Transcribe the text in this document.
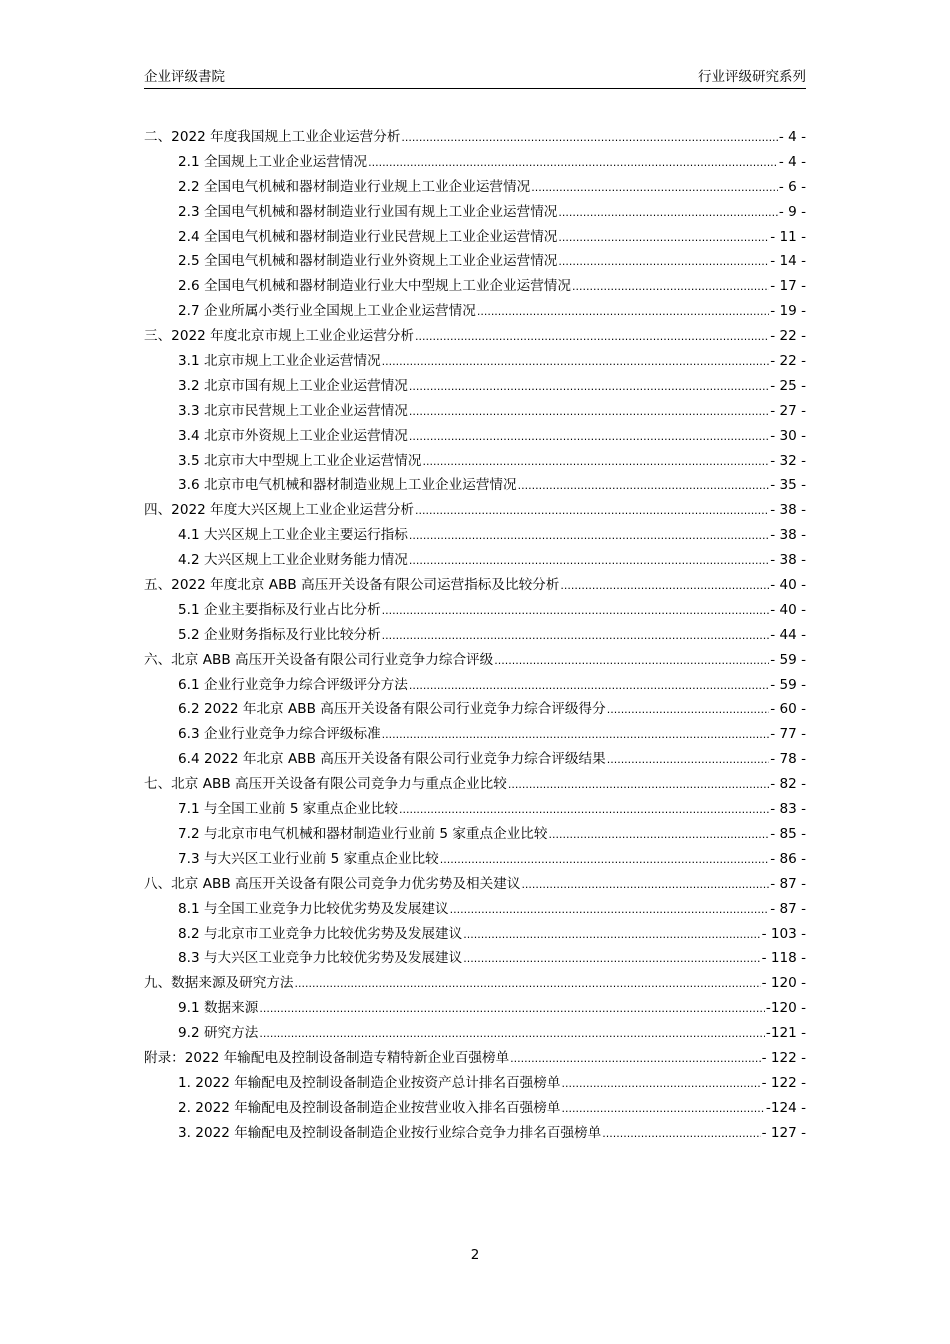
企业评级書院	行业评级研究系列
二、2022 年度我国规上工业企业运营分析 .....	- 4 -
2.1 全国规上工业企业运营情况 .....	- 4 -
2.2 全国电气机械和器材制造业行业规上工业企业运营情况 .....	- 6 -
2.3 全国电气机械和器材制造业行业国有规上工业企业运营情况 .....	- 9 -
2.4 全国电气机械和器材制造业行业民营规上工业企业运营情况 .....	- 11 -
2.5 全国电气机械和器材制造业行业外资规上工业企业运营情况 .....	- 14 -
2.6 全国电气机械和器材制造业行业大中型规上工业企业运营情况 .....	- 17 -
2.7 企业所属小类行业全国规上工业企业运营情况 .....	- 19 -
三、2022 年度北京市规上工业企业运营分析 .....	- 22 -
3.1 北京市规上工业企业运营情况 .....	- 22 -
3.2 北京市国有规上工业企业运营情况 .....	- 25 -
3.3 北京市民营规上工业企业运营情况 .....	- 27 -
3.4 北京市外资规上工业企业运营情况 .....	- 30 -
3.5 北京市大中型规上工业企业运营情况 .....	- 32 -
3.6 北京市电气机械和器材制造业规上工业企业运营情况 .....	- 35 -
四、2022 年度大兴区规上工业企业运营分析 .....	- 38 -
4.1 大兴区规上工业企业主要运行指标 .....	- 38 -
4.2 大兴区规上工业企业财务能力情况 .....	- 38 -
五、2022 年度北京 ABB 高压开关设备有限公司运营指标及比较分析 .....	- 40 -
5.1 企业主要指标及行业占比分析 .....	- 40 -
5.2 企业财务指标及行业比较分析 .....	- 44 -
六、北京 ABB 高压开关设备有限公司行业竞争力综合评级 .....	- 59 -
6.1 企业行业竞争力综合评级评分方法 .....	- 59 -
6.2 2022 年北京 ABB 高压开关设备有限公司行业竞争力综合评级得分 .....	- 60 -
6.3 企业行业竞争力综合评级标准 .....	- 77 -
6.4 2022 年北京 ABB 高压开关设备有限公司行业竞争力综合评级结果 .....	- 78 -
七、北京 ABB 高压开关设备有限公司竞争力与重点企业比较 .....	- 82 -
7.1 与全国工业前 5 家重点企业比较 .....	- 83 -
7.2 与北京市电气机械和器材制造业行业前 5 家重点企业比较 .....	- 85 -
7.3 与大兴区工业行业前 5 家重点企业比较 .....	- 86 -
八、北京 ABB 高压开关设备有限公司竞争力优劣势及相关建议 .....	- 87 -
8.1 与全国工业竞争力比较优劣势及发展建议 .....	- 87 -
8.2 与北京市工业竞争力比较优劣势及发展建议 .....	- 103 -
8.3 与大兴区工业竞争力比较优劣势及发展建议 .....	- 118 -
九、数据来源及研究方法 .....	- 120 -
9.1 数据来源 .....	-120 -
9.2 研究方法 .....	-121 -
附录：2022 年输配电及控制设备制造专精特新企业百强榜单 .....	- 122 -
1. 2022 年输配电及控制设备制造企业按资产总计排名百强榜单 .....	- 122 -
2. 2022 年输配电及控制设备制造企业按营业收入排名百强榜单 .....	-124 -
3. 2022 年输配电及控制设备制造企业按行业综合竞争力排名百强榜单 .....	- 127 -
2
